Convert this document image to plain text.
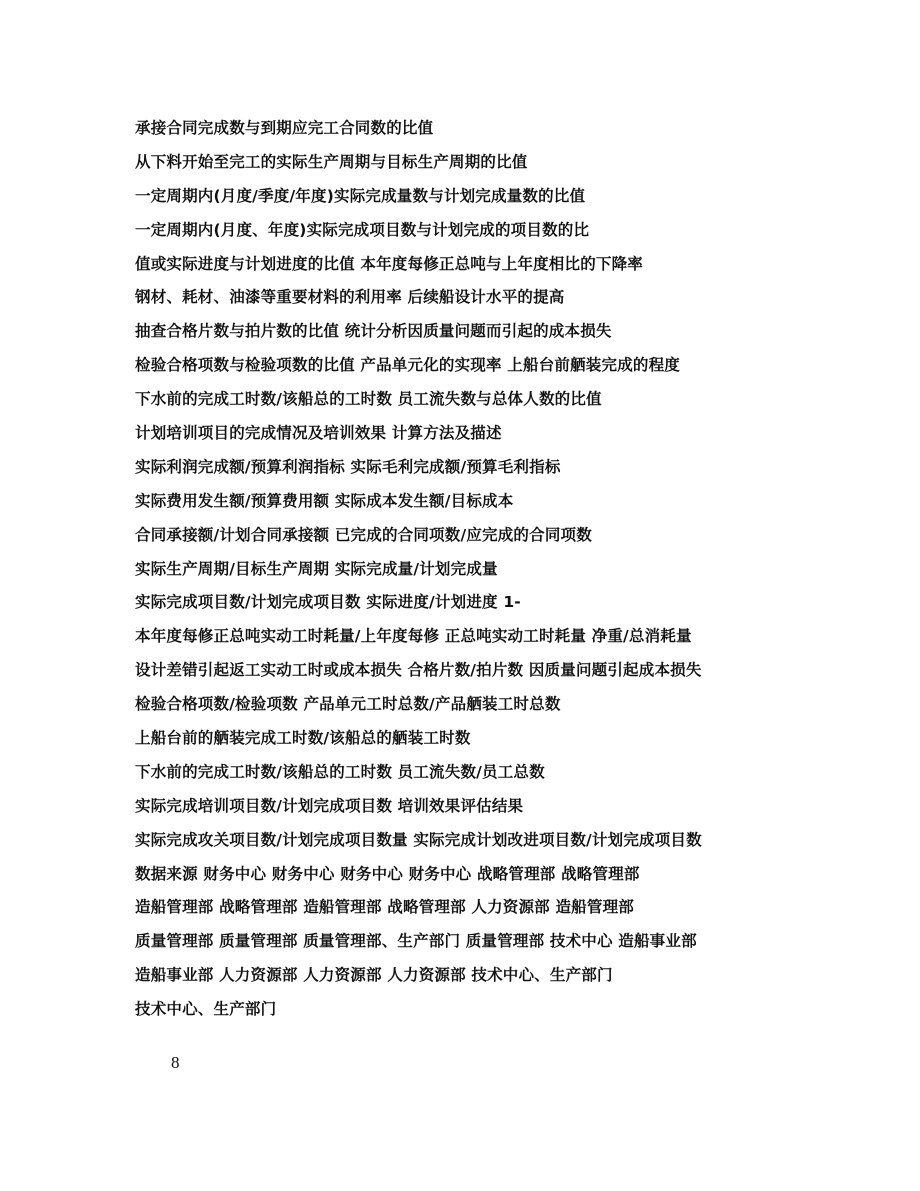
承接合同完成数与到期应完工合同数的比值
从下料开始至完工的实际生产周期与目标生产周期的比值
一定周期内(月度/季度/年度)实际完成量数与计划完成量数的比值
一定周期内(月度、年度)实际完成项目数与计划完成的项目数的比
值或实际进度与计划进度的比值 本年度每修正总吨与上年度相比的下降率
钢材、耗材、油漆等重要材料的利用率 后续船设计水平的提高
抽查合格片数与拍片数的比值 统计分析因质量问题而引起的成本损失
检验合格项数与检验项数的比值 产品单元化的实现率 上船台前舾装完成的程度
下水前的完成工时数/该船总的工时数 员工流失数与总体人数的比值
计划培训项目的完成情况及培训效果 计算方法及描述
实际利润完成额/预算利润指标 实际毛利完成额/预算毛利指标
实际费用发生额/预算费用额 实际成本发生额/目标成本
合同承接额/计划合同承接额 已完成的合同项数/应完成的合同项数
实际生产周期/目标生产周期 实际完成量/计划完成量
实际完成项目数/计划完成项目数 实际进度/计划进度 1-
本年度每修正总吨实动工时耗量/上年度每修 正总吨实动工时耗量 净重/总消耗量
设计差错引起返工实动工时或成本损失 合格片数/拍片数 因质量问题引起成本损失
检验合格项数/检验项数 产品单元工时总数/产品舾装工时总数
上船台前的舾装完成工时数/该船总的舾装工时数
下水前的完成工时数/该船总的工时数 员工流失数/员工总数
实际完成培训项目数/计划完成项目数 培训效果评估结果
实际完成攻关项目数/计划完成项目数量 实际完成计划改进项目数/计划完成项目数
数据来源 财务中心 财务中心 财务中心 财务中心 战略管理部 战略管理部
造船管理部 战略管理部 造船管理部 战略管理部 人力资源部 造船管理部
质量管理部 质量管理部 质量管理部、生产部门 质量管理部 技术中心 造船事业部
造船事业部 人力资源部 人力资源部 人力资源部 技术中心、生产部门
技术中心、生产部门
8
